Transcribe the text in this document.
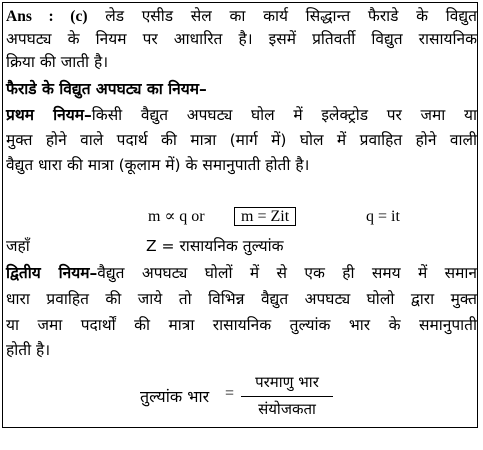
Ans : (c) लेड एसीड सेल का कार्य सिद्धान्त फैराडे के विद्युत
अपघट्य के नियम पर आधारित है। इसमें प्रतिवर्ती विद्युत रासायनिक
क्रिया की जाती है।
फैराडे के विद्युत अपघट्य का नियम–
प्रथम नियम–किसी वैद्युत अपघट्य घोल में इलेक्ट्रोड पर जमा या
मुक्त होने वाले पदार्थ की मात्रा (मार्ग में) घोल में प्रवाहित होने वाली
वैद्युत धारा की मात्रा (कूलाम में) के समानुपाती होती है।
m ∝ q or	m = Zit	q = it
जहाँ	Z = रासायनिक तुल्यांक
द्वितीय नियम–वैद्युत अपघट्य घोलों में से एक ही समय में समान
धारा प्रवाहित की जाये तो विभिन्न वैद्युत अपघट्य घोलो द्वारा मुक्त
या जमा पदार्थों की मात्रा रासायनिक तुल्यांक भार के समानुपाती
होती है।
तुल्यांक भार =
परमाणु भार
संयोजकता
